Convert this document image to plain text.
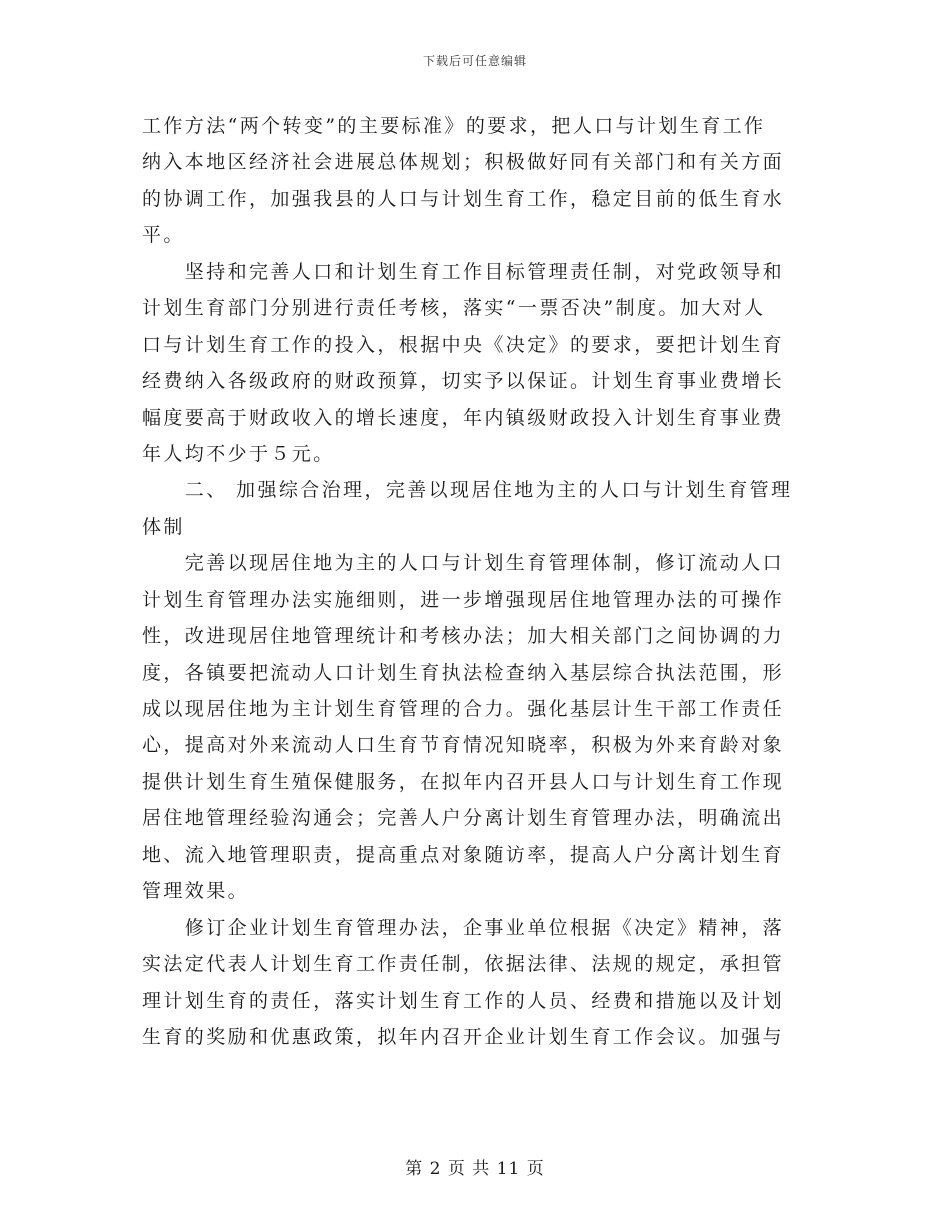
下载后可任意编辑
工作方法“两个转变”的主要标准》的要求，把人口与计划生育工作
纳入本地区经济社会进展总体规划；积极做好同有关部门和有关方面
的协调工作，加强我县的人口与计划生育工作，稳定目前的低生育水
平。
　　坚持和完善人口和计划生育工作目标管理责任制，对党政领导和
计划生育部门分别进行责任考核，落实“一票否决”制度。加大对人
口与计划生育工作的投入，根据中央《决定》的要求，要把计划生育
经费纳入各级政府的财政预算，切实予以保证。计划生育事业费增长
幅度要高于财政收入的增长速度，年内镇级财政投入计划生育事业费
年人均不少于５元。
　　二、 加强综合治理，完善以现居住地为主的人口与计划生育管理
体制
　　完善以现居住地为主的人口与计划生育管理体制，修订流动人口
计划生育管理办法实施细则，进一步增强现居住地管理办法的可操作
性，改进现居住地管理统计和考核办法；加大相关部门之间协调的力
度，各镇要把流动人口计划生育执法检查纳入基层综合执法范围，形
成以现居住地为主计划生育管理的合力。强化基层计生干部工作责任
心，提高对外来流动人口生育节育情况知晓率，积极为外来育龄对象
提供计划生育生殖保健服务，在拟年内召开县人口与计划生育工作现
居住地管理经验沟通会；完善人户分离计划生育管理办法，明确流出
地、流入地管理职责，提高重点对象随访率，提高人户分离计划生育
管理效果。
　　修订企业计划生育管理办法，企事业单位根据《决定》精神，落
实法定代表人计划生育工作责任制，依据法律、法规的规定，承担管
理计划生育的责任，落实计划生育工作的人员、经费和措施以及计划
生育的奖励和优惠政策，拟年内召开企业计划生育工作会议。加强与
第 2 页 共 11 页
